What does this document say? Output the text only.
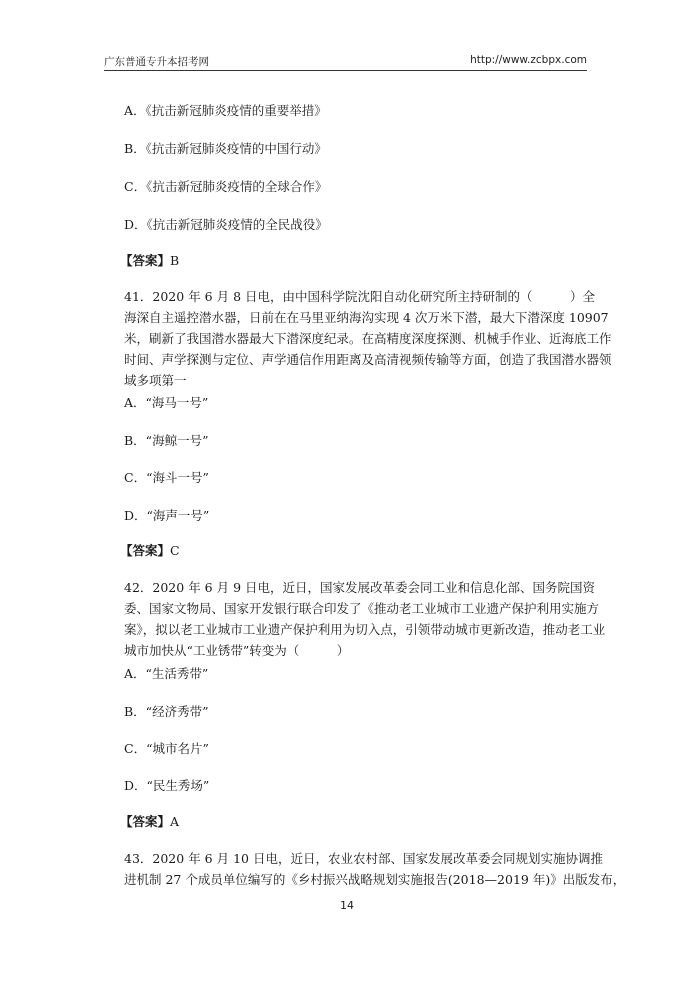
广东普通专升本招考网	http://www.zcbpx.com
A．《抗击新冠肺炎疫情的重要举措》
B．《抗击新冠肺炎疫情的中国行动》
C．《抗击新冠肺炎疫情的全球合作》
D．《抗击新冠肺炎疫情的全民战役》
【答案】B
41．2020 年 6 月 8 日电，由中国科学院沈阳自动化研究所主持研制的（　　　）全
海深自主遥控潜水器，日前在在马里亚纳海沟实现 4 次万米下潜，最大下潜深度 10907
米，刷新了我国潜水器最大下潜深度纪录。在高精度深度探测、机械手作业、近海底工作
时间、声学探测与定位、声学通信作用距离及高清视频传输等方面，创造了我国潜水器领
域多项第一
A．“海马一号”
B．“海鲸一号”
C．“海斗一号”
D．“海声一号”
【答案】C
42．2020 年 6 月 9 日电，近日，国家发展改革委会同工业和信息化部、国务院国资
委、国家文物局、国家开发银行联合印发了《推动老工业城市工业遗产保护利用实施方
案》，拟以老工业城市工业遗产保护利用为切入点，引领带动城市更新改造，推动老工业
城市加快从“工业锈带”转变为（　　　）
A．“生活秀带”
B．“经济秀带”
C．“城市名片”
D．“民生秀场”
【答案】A
43．2020 年 6 月 10 日电，近日，农业农村部、国家发展改革委会同规划实施协调推
进机制 27 个成员单位编写的《乡村振兴战略规划实施报告(2018—2019 年)》出版发布，
14
